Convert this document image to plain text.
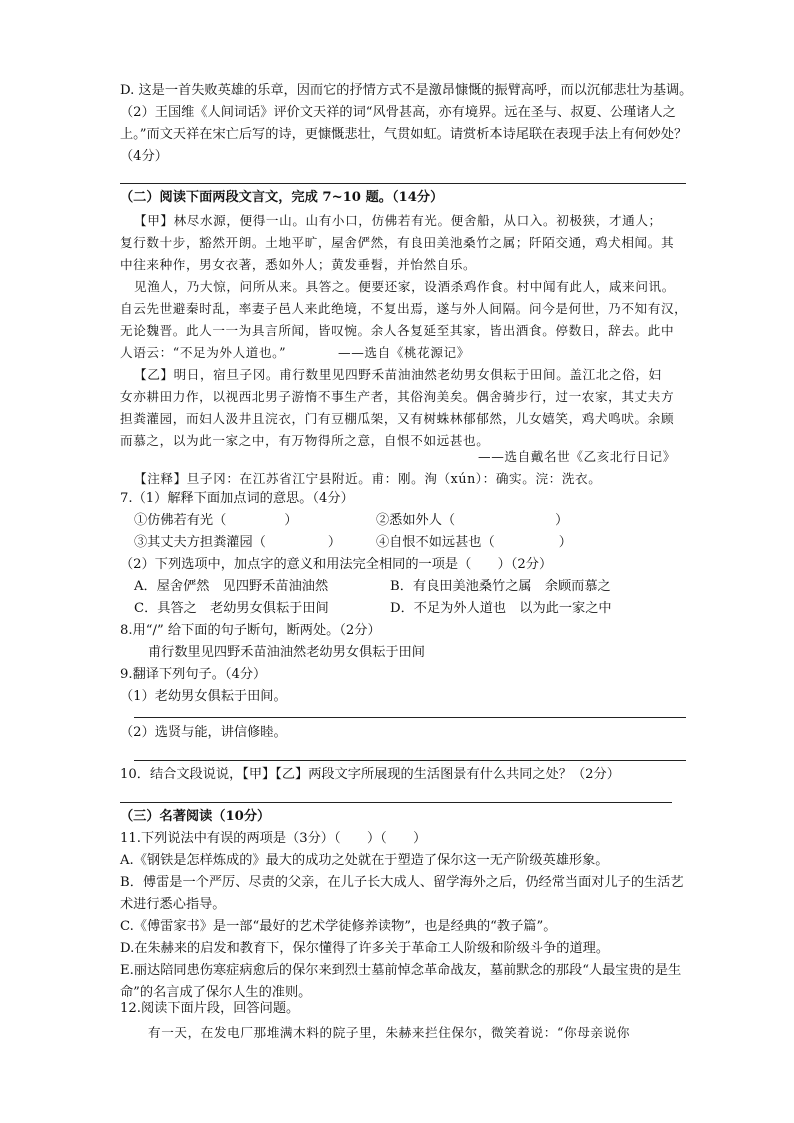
D. 这是一首失败英雄的乐章，因而它的抒情方式不是激昂慷慨的振臂高呼，而以沉郁悲壮为基调。
（2）王国维《人间词话》评价文天祥的词“风骨甚高，亦有境界。远在圣与、叔夏、公瑾诸人之
上。”而文天祥在宋亡后写的诗，更慷慨悲壮，气贯如虹。请赏析本诗尾联在表现手法上有何妙处？
（4分）
（二）阅读下面两段文言文，完成 7~10 题。（14分）
【甲】林尽水源，便得一山。山有小口，仿佛若有光。便舍船，从口入。初极狭，才通人；
复行数十步，豁然开朗。土地平旷，屋舍俨然，有良田美池桑竹之属；阡陌交通，鸡犬相闻。其
中往来种作，男女衣著，悉如外人；黄发垂髫，并怡然自乐。
见渔人，乃大惊，问所从来。具答之。便要还家，设酒杀鸡作食。村中闻有此人，咸来问讯。
自云先世避秦时乱，率妻子邑人来此绝境，不复出焉，遂与外人间隔。问今是何世，乃不知有汉，
无论魏晋。此人一一为具言所闻，皆叹惋。余人各复延至其家，皆出酒食。停数日，辞去。此中
人语云：“不足为外人道也。”	——选自《桃花源记》
【乙】明日，宿旦子冈。甫行数里见四野禾苗油油然老幼男女俱耘于田间。盖江北之俗，妇
女亦耕田力作，以视西北男子游惰不事生产者，其俗洵美矣。偶舍骑步行，过一农家，其丈夫方
担粪灌园，而妇人汲井且浣衣，门有豆棚瓜架，又有树蛛林郁郁然，儿女嬉笑，鸡犬鸣吠。余顾
而慕之，以为此一家之中，有万物得所之意，自恨不如远甚也。
——选自戴名世《乙亥北行日记》
【注释】旦子冈：在江苏省江宁县附近。甫：刚。洵（xún）：确实。浣：洗衣。
7.（1）解释下面加点词的意思。（4分）
①仿佛若有光（	）	②悉如外人（	）
③其丈夫方担粪灌园（	）	④自恨不如远甚也（	）
（2）下列选项中，加点字的意义和用法完全相同的一项是（　　）（2分）
A．屋舍俨然　见四野禾苗油油然	B．有良田美池桑竹之属　余顾而慕之
C．具答之　老幼男女俱耘于田间	D．不足为外人道也　以为此一家之中
8.用“/” 给下面的句子断句，断两处。（2分）
甫行数里见四野禾苗油油然老幼男女俱耘于田间
9.翻译下列句子。（4分）
（1）老幼男女俱耘于田间。
（2）选贤与能，讲信修睦。
10．结合文段说说，【甲】【乙】两段文字所展现的生活图景有什么共同之处？（2分）
（三）名著阅读（10分）
11.下列说法中有误的两项是（3分）（　　）（　　）
A.《钢铁是怎样炼成的》最大的成功之处就在于塑造了保尔这一无产阶级英雄形象。
B．傅雷是一个严厉、尽责的父亲，在儿子长大成人、留学海外之后，仍经常当面对儿子的生活艺
术进行悉心指导。
C.《傅雷家书》是一部“最好的艺术学徒修养读物”，也是经典的“教子篇”。
D.在朱赫来的启发和教育下，保尔懂得了许多关于革命工人阶级和阶级斗争的道理。
E.丽达陪同患伤寒症病愈后的保尔来到烈士墓前悼念革命战友，墓前默念的那段“人最宝贵的是生
命”的名言成了保尔人生的准则。
12.阅读下面片段，回答问题。
有一天，在发电厂那堆满木料的院子里，朱赫来拦住保尔，微笑着说：“你母亲说你
